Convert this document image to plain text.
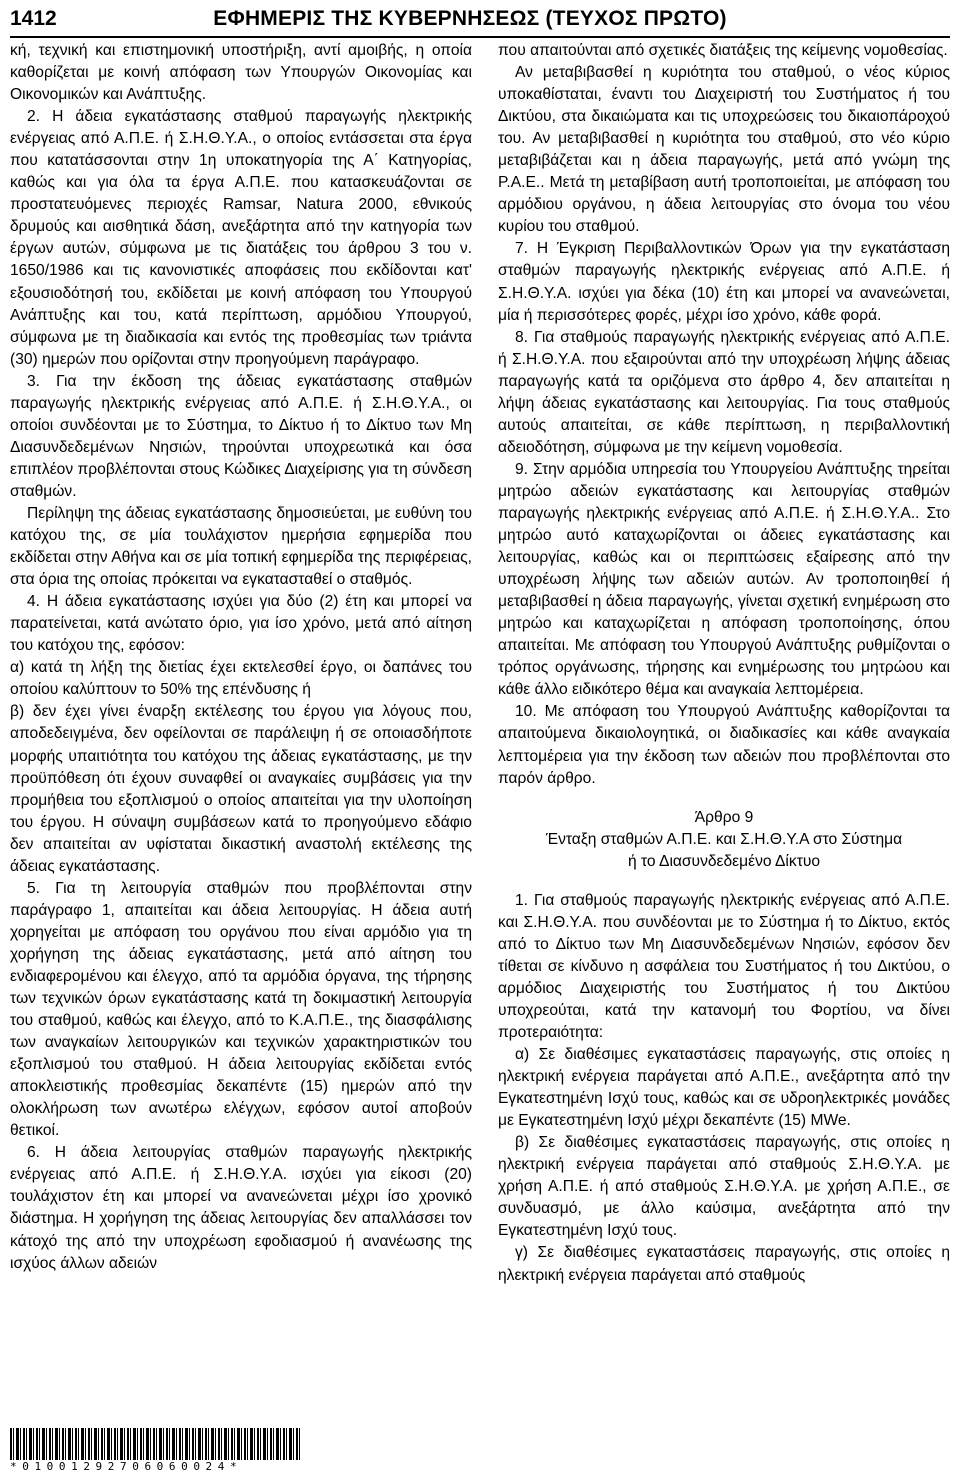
1412	ΕΦΗΜΕΡΙΣ ΤΗΣ ΚΥΒΕΡΝΗΣΕΩΣ (ΤΕΥΧΟΣ ΠΡΩΤΟ)

κή, τεχνική και επιστημονική υποστήριξη, αντί αμοιβής, η οποία καθορίζεται με κοινή απόφαση των Υπουργών Οικονομίας και Οικονομικών και Ανάπτυξης.

2. Η άδεια εγκατάστασης σταθμού παραγωγής ηλεκτρικής ενέργειας από Α.Π.Ε. ή Σ.Η.Θ.Υ.Α., ο οποίος εντάσσεται στα έργα που κατατάσσονται στην 1η υποκατηγορία της Α΄ Κατηγορίας, καθώς και για όλα τα έργα Α.Π.Ε. που κατασκευάζονται σε προστατευόμενες περιοχές Ramsar, Natura 2000, εθνικούς δρυμούς και αισθητικά δάση, ανεξάρτητα από την κατηγορία των έργων αυτών, σύμφωνα με τις διατάξεις του άρθρου 3 του ν. 1650/1986 και τις κανονιστικές αποφάσεις που εκδίδονται κατ' εξουσιοδότησή του, εκδίδεται με κοινή απόφαση του Υπουργού Ανάπτυξης και του, κατά περίπτωση, αρμόδιου Υπουργού, σύμφωνα με τη διαδικασία και εντός της προθεσμίας των τριάντα (30) ημερών που ορίζονται στην προηγούμενη παράγραφο.

3. Για την έκδοση της άδειας εγκατάστασης σταθμών παραγωγής ηλεκτρικής ενέργειας από Α.Π.Ε. ή Σ.Η.Θ.Υ.Α., οι οποίοι συνδέονται με το Σύστημα, το Δίκτυο ή το Δίκτυο των Μη Διασυνδεδεμένων Νησιών, τηρούνται υποχρεωτικά και όσα επιπλέον προβλέπονται στους Κώδικες Διαχείρισης για τη σύνδεση σταθμών.

Περίληψη της άδειας εγκατάστασης δημοσιεύεται, με ευθύνη του κατόχου της, σε μία τουλάχιστον ημερήσια εφημερίδα που εκδίδεται στην Αθήνα και σε μία τοπική εφημερίδα της περιφέρειας, στα όρια της οποίας πρόκειται να εγκατασταθεί ο σταθμός.

4. Η άδεια εγκατάστασης ισχύει για δύο (2) έτη και μπορεί να παρατείνεται, κατά ανώτατο όριο, για ίσο χρόνο, μετά από αίτηση του κατόχου της, εφόσον:

α) κατά τη λήξη της διετίας έχει εκτελεσθεί έργο, οι δαπάνες του οποίου καλύπτουν το 50% της επένδυσης ή

β) δεν έχει γίνει έναρξη εκτέλεσης του έργου για λόγους που, αποδεδειγμένα, δεν οφείλονται σε παράλειψη ή σε οποιασδήποτε μορφής υπαιτιότητα του κατόχου της άδειας εγκατάστασης, με την προϋπόθεση ότι έχουν συναφθεί οι αναγκαίες συμβάσεις για την προμήθεια του εξοπλισμού ο οποίος απαιτείται για την υλοποίηση του έργου. Η σύναψη συμβάσεων κατά το προηγούμενο εδάφιο δεν απαιτείται αν υφίσταται δικαστική αναστολή εκτέλεσης της άδειας εγκατάστασης.

5. Για τη λειτουργία σταθμών που προβλέπονται στην παράγραφο 1, απαιτείται και άδεια λειτουργίας. Η άδεια αυτή χορηγείται με απόφαση του οργάνου που είναι αρμόδιο για τη χορήγηση της άδειας εγκατάστασης, μετά από αίτηση του ενδιαφερομένου και έλεγχο, από τα αρμόδια όργανα, της τήρησης των τεχνικών όρων εγκατάστασης κατά τη δοκιμαστική λειτουργία του σταθμού, καθώς και έλεγχο, από το Κ.Α.Π.Ε., της διασφάλισης των αναγκαίων λειτουργικών και τεχνικών χαρακτηριστικών του εξοπλισμού του σταθμού. Η άδεια λειτουργίας εκδίδεται εντός αποκλειστικής προθεσμίας δεκαπέντε (15) ημερών από την ολοκλήρωση των ανωτέρω ελέγχων, εφόσον αυτοί αποβούν θετικοί.

6. Η άδεια λειτουργίας σταθμών παραγωγής ηλεκτρικής ενέργειας από Α.Π.Ε. ή Σ.Η.Θ.Υ.Α. ισχύει για είκοσι (20) τουλάχιστον έτη και μπορεί να ανανεώνεται μέχρι ίσο χρονικό διάστημα. Η χορήγηση της άδειας λειτουργίας δεν απαλλάσσει τον κάτοχό της από την υποχρέωση εφοδιασμού ή ανανέωσης της ισχύος άλλων αδειών

που απαιτούνται από σχετικές διατάξεις της κείμενης νομοθεσίας.

Αν μεταβιβασθεί η κυριότητα του σταθμού, ο νέος κύριος υποκαθίσταται, έναντι του Διαχειριστή του Συστήματος ή του Δικτύου, στα δικαιώματα και τις υποχρεώσεις του δικαιοπάροχού του. Αν μεταβιβασθεί η κυριότητα του σταθμού, στο νέο κύριο μεταβιβάζεται και η άδεια παραγωγής, μετά από γνώμη της Ρ.Α.Ε.. Μετά τη μεταβίβαση αυτή τροποποιείται, με απόφαση του αρμόδιου οργάνου, η άδεια λειτουργίας στο όνομα του νέου κυρίου του σταθμού.

7. Η Έγκριση Περιβαλλοντικών Όρων για την εγκατάσταση σταθμών παραγωγής ηλεκτρικής ενέργειας από Α.Π.Ε. ή Σ.Η.Θ.Υ.Α. ισχύει για δέκα (10) έτη και μπορεί να ανανεώνεται, μία ή περισσότερες φορές, μέχρι ίσο χρόνο, κάθε φορά.

8. Για σταθμούς παραγωγής ηλεκτρικής ενέργειας από Α.Π.Ε. ή Σ.Η.Θ.Υ.Α. που εξαιρούνται από την υποχρέωση λήψης άδειας παραγωγής κατά τα οριζόμενα στο άρθρο 4, δεν απαιτείται η λήψη άδειας εγκατάστασης και λειτουργίας. Για τους σταθμούς αυτούς απαιτείται, σε κάθε περίπτωση, η περιβαλλοντική αδειοδότηση, σύμφωνα με την κείμενη νομοθεσία.

9. Στην αρμόδια υπηρεσία του Υπουργείου Ανάπτυξης τηρείται μητρώο αδειών εγκατάστασης και λειτουργίας σταθμών παραγωγής ηλεκτρικής ενέργειας από Α.Π.Ε. ή Σ.Η.Θ.Υ.Α.. Στο μητρώο αυτό καταχωρίζονται οι άδειες εγκατάστασης και λειτουργίας, καθώς και οι περιπτώσεις εξαίρεσης από την υποχρέωση λήψης των αδειών αυτών. Αν τροποποιηθεί ή μεταβιβασθεί η άδεια παραγωγής, γίνεται σχετική ενημέρωση στο μητρώο και καταχωρίζεται η απόφαση τροποποίησης, όπου απαιτείται. Με απόφαση του Υπουργού Ανάπτυξης ρυθμίζονται ο τρόπος οργάνωσης, τήρησης και ενημέρωσης του μητρώου και κάθε άλλο ειδικότερο θέμα και αναγκαία λεπτομέρεια.

10. Με απόφαση του Υπουργού Ανάπτυξης καθορίζονται τα απαιτούμενα δικαιολογητικά, οι διαδικασίες και κάθε αναγκαία λεπτομέρεια για την έκδοση των αδειών που προβλέπονται στο παρόν άρθρο.

Άρθρο 9

Ένταξη σταθμών Α.Π.Ε. και Σ.Η.Θ.Υ.Α στο Σύστημα

ή το Διασυνδεδεμένο Δίκτυο

1. Για σταθμούς παραγωγής ηλεκτρικής ενέργειας από Α.Π.Ε. και Σ.Η.Θ.Υ.Α. που συνδέονται με το Σύστημα ή το Δίκτυο, εκτός από το Δίκτυο των Μη Διασυνδεδεμένων Νησιών, εφόσον δεν τίθεται σε κίνδυνο η ασφάλεια του Συστήματος ή του Δικτύου, ο αρμόδιος Διαχειριστής του Συστήματος ή του Δικτύου υποχρεούται, κατά την κατανομή του Φορτίου, να δίνει προτεραιότητα:

α) Σε διαθέσιμες εγκαταστάσεις παραγωγής, στις οποίες η ηλεκτρική ενέργεια παράγεται από Α.Π.Ε., ανεξάρτητα από την Εγκατεστημένη Ισχύ τους, καθώς και σε υδροηλεκτρικές μονάδες με Εγκατεστημένη Ισχύ μέχρι δεκαπέντε (15) MWe.

β) Σε διαθέσιμες εγκαταστάσεις παραγωγής, στις οποίες η ηλεκτρική ενέργεια παράγεται από σταθμούς Σ.Η.Θ.Υ.Α. με χρήση Α.Π.Ε. ή από σταθμούς Σ.Η.Θ.Υ.Α. με χρήση Α.Π.Ε., σε συνδυασμό, με άλλο καύσιμα, ανεξάρτητα από την Εγκατεστημένη Ισχύ τους.

γ) Σε διαθέσιμες εγκαταστάσεις παραγωγής, στις οποίες η ηλεκτρική ενέργεια παράγεται από σταθμούς

*01001292706060024*
